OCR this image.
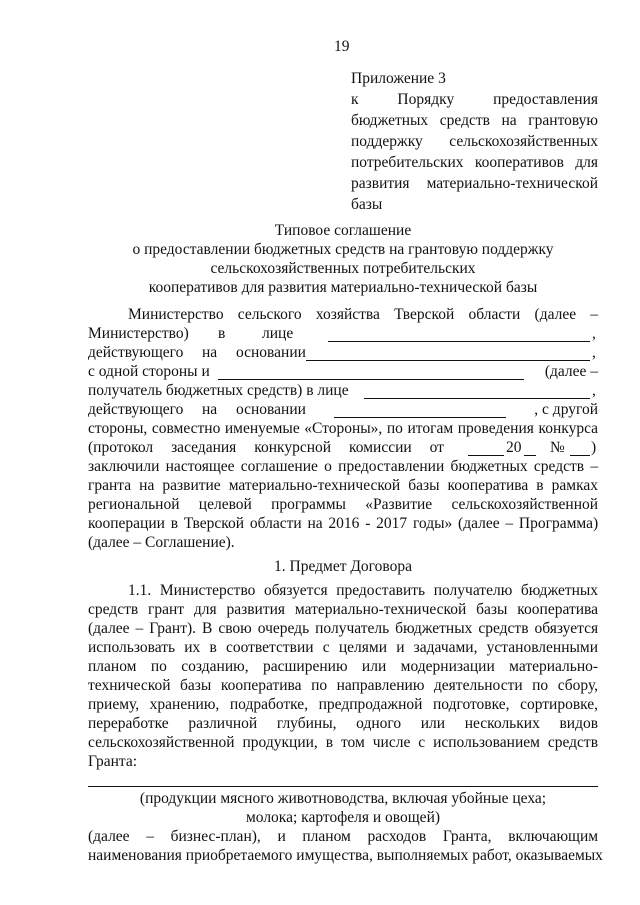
19
Приложение 3
к	Порядку	предоставления
бюджетных средств на грантовую
поддержку сельскохозяйственных
потребительских кооперативов для
развития материально-технической
базы
Типовое соглашение
о предоставлении бюджетных средств на грантовую поддержку
сельскохозяйственных потребительских
кооперативов для развития материально-технической базы
Министерство сельского хозяйства Тверской области (далее –
Министерство) в лице	,
действующего на основании	,
с одной стороны и	(далее –
получатель бюджетных средств) в лице	,
действующего на основании	, с другой
стороны, совместно именуемые «Стороны», по итогам проведения конкурса
(протокол заседания конкурсной комиссии от	20 № )
заключили настоящее соглашение о предоставлении бюджетных средств –
гранта на развитие материально-технической базы кооператива в рамках
региональной целевой программы «Развитие сельскохозяйственной
кооперации в Тверской области на 2016 - 2017 годы» (далее – Программа)
(далее – Соглашение).
1. Предмет Договора
1.1. Министерство обязуется предоставить получателю бюджетных
средств грант для развития материально-технической базы кооператива
(далее – Грант). В свою очередь получатель бюджетных средств обязуется
использовать их в соответствии с целями и задачами, установленными
планом по созданию, расширению или модернизации материально-
технической базы кооператива по направлению деятельности по сбору,
приему, хранению, подработке, предпродажной подготовке, сортировке,
переработке различной глубины, одного или нескольких видов
сельскохозяйственной продукции, в том числе с использованием средств
Гранта:
(продукции мясного животноводства, включая убойные цеха;
молока; картофеля и овощей)
(далее – бизнес-план), и планом расходов Гранта, включающим
наименования приобретаемого имущества, выполняемых работ, оказываемых
